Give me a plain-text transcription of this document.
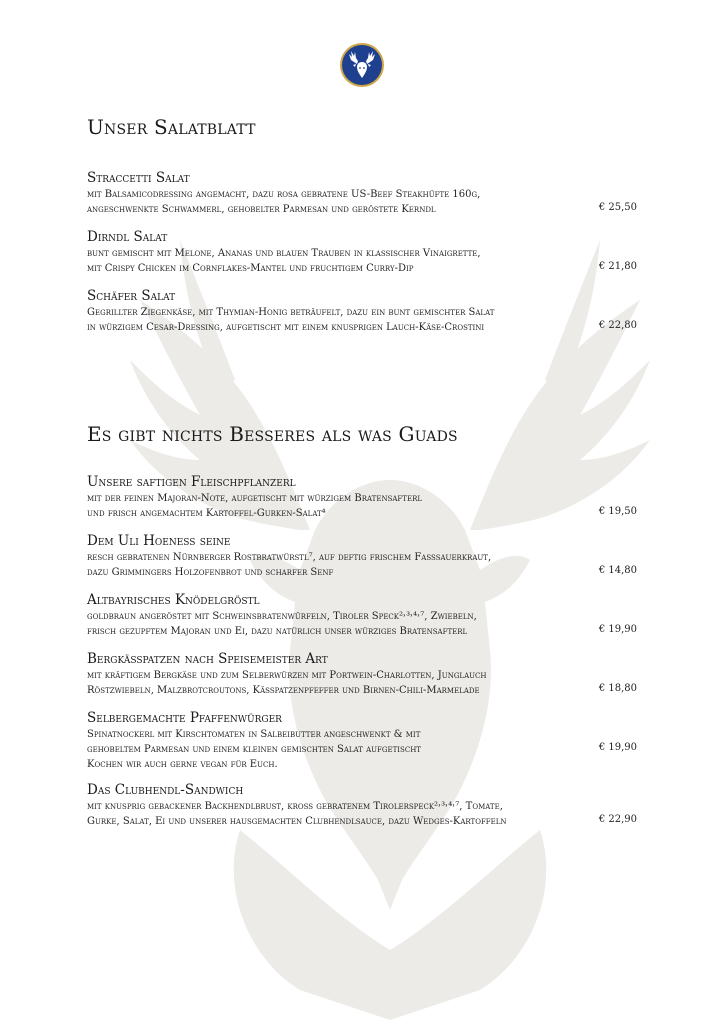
Unser Salatblatt
Straccetti Salat
mit Balsamicodressing angemacht, dazu rosa gebratene US-Beef Steakhüfte 160g,
angeschwenkte Schwammerl, gehobelter Parmesan und geröstete Kerndl	€ 25,50
Dirndl Salat
bunt gemischt mit Melone, Ananas und blauen Trauben in klassischer Vinaigrette,
mit Crispy Chicken im Cornflakes-Mantel und fruchtigem Curry-Dip	€ 21,80
Schäfer Salat
Gegrillter Ziegenkäse, mit Thymian-Honig beträufelt, dazu ein bunt gemischter Salat
in würzigem Cesar-Dressing, aufgetischt mit einem knusprigen Lauch-Käse-Crostini	€ 22,80
Es gibt nichts Besseres als was Guads
Unsere saftigen Fleischpflanzerl
mit der feinen Majoran-Note, aufgetischt mit würzigem Bratensafterl
und frisch angemachtem Kartoffel-Gurken-Salat⁴	€ 19,50
Dem Uli Hoeneß seine
resch gebratenen Nürnberger Rostbratwürstl⁷, auf deftig frischem Fasssauerkraut,
dazu Grimmingers Holzofenbrot und scharfer Senf	€ 14,80
Altbayrisches Knödelgröstl
goldbraun angeröstet mit Schweinsbratenwürfeln, Tiroler Speck²˒³˒⁴˒⁷, Zwiebeln,
frisch gezupftem Majoran und Ei, dazu natürlich unser würziges Bratensafterl	€ 19,90
Bergkässpatzen nach Speisemeister Art
mit kräftigem Bergkäse und zum Selberwürzen mit Portwein-Charlotten, Junglauch
Röstzwiebeln, Malzbrotcroutons, Kässpatzenpfeffer und Birnen-Chili-Marmelade	€ 18,80
Selbergemachte Pfaffenwürger
Spinatnockerl mit Kirschtomaten in Salbeibutter angeschwenkt & mit
gehobeltem Parmesan und einem kleinen gemischten Salat aufgetischt
Kochen wir auch gerne vegan für Euch.
€ 19,90
Das Clubhendl-Sandwich
mit knusprig gebackener Backhendlbrust, kross gebratenem Tirolerspeck²˒³˒⁴˒⁷, Tomate,
Gurke, Salat, Ei und unserer hausgemachten Clubhendlsauce, dazu Wedges-Kartoffeln	€ 22,90
